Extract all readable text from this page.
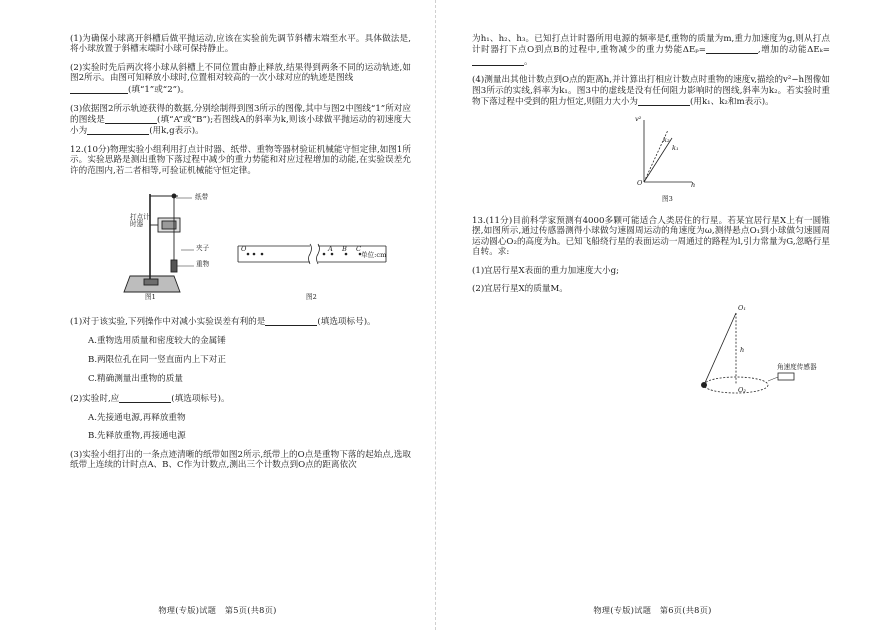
(1)为确保小球离开斜槽后做平抛运动,应该在实验前先调节斜槽末端至水平。具体做法是,将小球放置于斜槽末端时小球可保持静止。

(2)实验时先后两次将小球从斜槽上不同位置由静止释放,结果得到两条不同的运动轨迹,如图2所示。由图可知释放小球时,位置相对较高的一次小球对应的轨迹是图线
(填“1”或“2”)。

(3)依据图2所示轨迹获得的数据,分别绘制得到图3所示的图像,其中与图2中图线“1”所对应的图线是	(填“A”或“B”);若图线A的斜率为k,则该小球做平抛运动的初速度大小为	(用k,g表示)。

12.(10分)物理实验小组利用打点计时器、纸带、重物等器材验证机械能守恒定律,如图1所示。实验思路是测出重物下落过程中减少的重力势能和对应过程增加的动能,在实验误差允许的范围内,若二者相等,可验证机械能守恒定律。

纸带
打点计时器
夹子
重物
图1
O	A B C
单位:cm
图2

(1)对于该实验,下列操作中对减小实验误差有利的是	(填选项标号)。

A.重物选用质量和密度较大的金属锤

B.两限位孔在同一竖直面内上下对正

C.精确测量出重物的质量

(2)实验时,应	(填选项标号)。

A.先接通电源,再释放重物

B.先释放重物,再接通电源

(3)实验小组打出的一条点迹清晰的纸带如图2所示,纸带上的O点是重物下落的起始点,选取纸带上连续的计时点A、B、C作为计数点,测出三个计数点到O点的距离依次

物理(专版)试题　第5页(共8页)

为h₁、h₂、h₃。已知打点计时器所用电源的频率是f,重物的质量为m,重力加速度为g,则从打点计时器打下点O到点B的过程中,重物减少的重力势能ΔEₚ=	,增加的动能ΔEₖ=。

(4)测量出其他计数点到O点的距离h,并计算出打相应计数点时重物的速度v,描绘的v²−h图像如图3所示的实线,斜率为k₁。图3中的虚线是没有任何阻力影响时的图线,斜率为k₂。若实验时重物下落过程中受到的阻力恒定,则阻力大小为	(用k₁、k₂和m表示)。

v²
h
O
k₂
k₁
图3

13.(11分)目前科学家预测有4000多颗可能适合人类居住的行星。若某宜居行星X上有一圆锥摆,如图所示,通过传感器测得小球做匀速圆周运动的角速度为ω,测得悬点O₁到小球做匀速圆周运动圆心O₂的高度为h。已知飞船绕行星的表面运动一周通过的路程为l,引力常量为G,忽略行星自转。求:

(1)宜居行星X表面的重力加速度大小g;

(2)宜居行星X的质量M。

O₁
h
O₂
角速度传感器
物理(专版)试题　第6页(共8页)
